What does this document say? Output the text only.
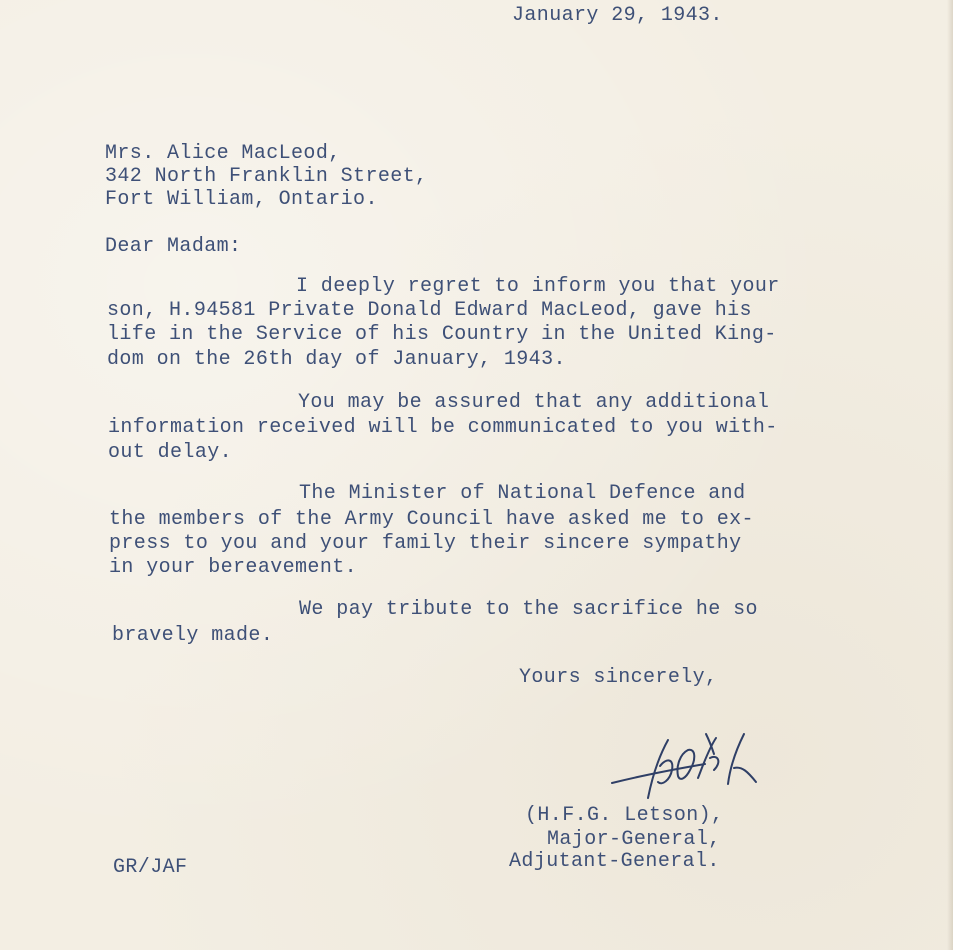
January 29, 1943.
Mrs. Alice MacLeod,
342 North Franklin Street,
Fort William, Ontario.
Dear Madam:
I deeply regret to inform you that your
son, H.94581 Private Donald Edward MacLeod, gave his
life in the Service of his Country in the United King-
dom on the 26th day of January, 1943.
You may be assured that any additional
information received will be communicated to you with-
out delay.
The Minister of National Defence and
the members of the Army Council have asked me to ex-
press to you and your family their sincere sympathy
in your bereavement.
We pay tribute to the sacrifice he so
bravely made.
Yours sincerely,
(H.F.G. Letson),
Major-General,
Adjutant-General.
GR/JAF
